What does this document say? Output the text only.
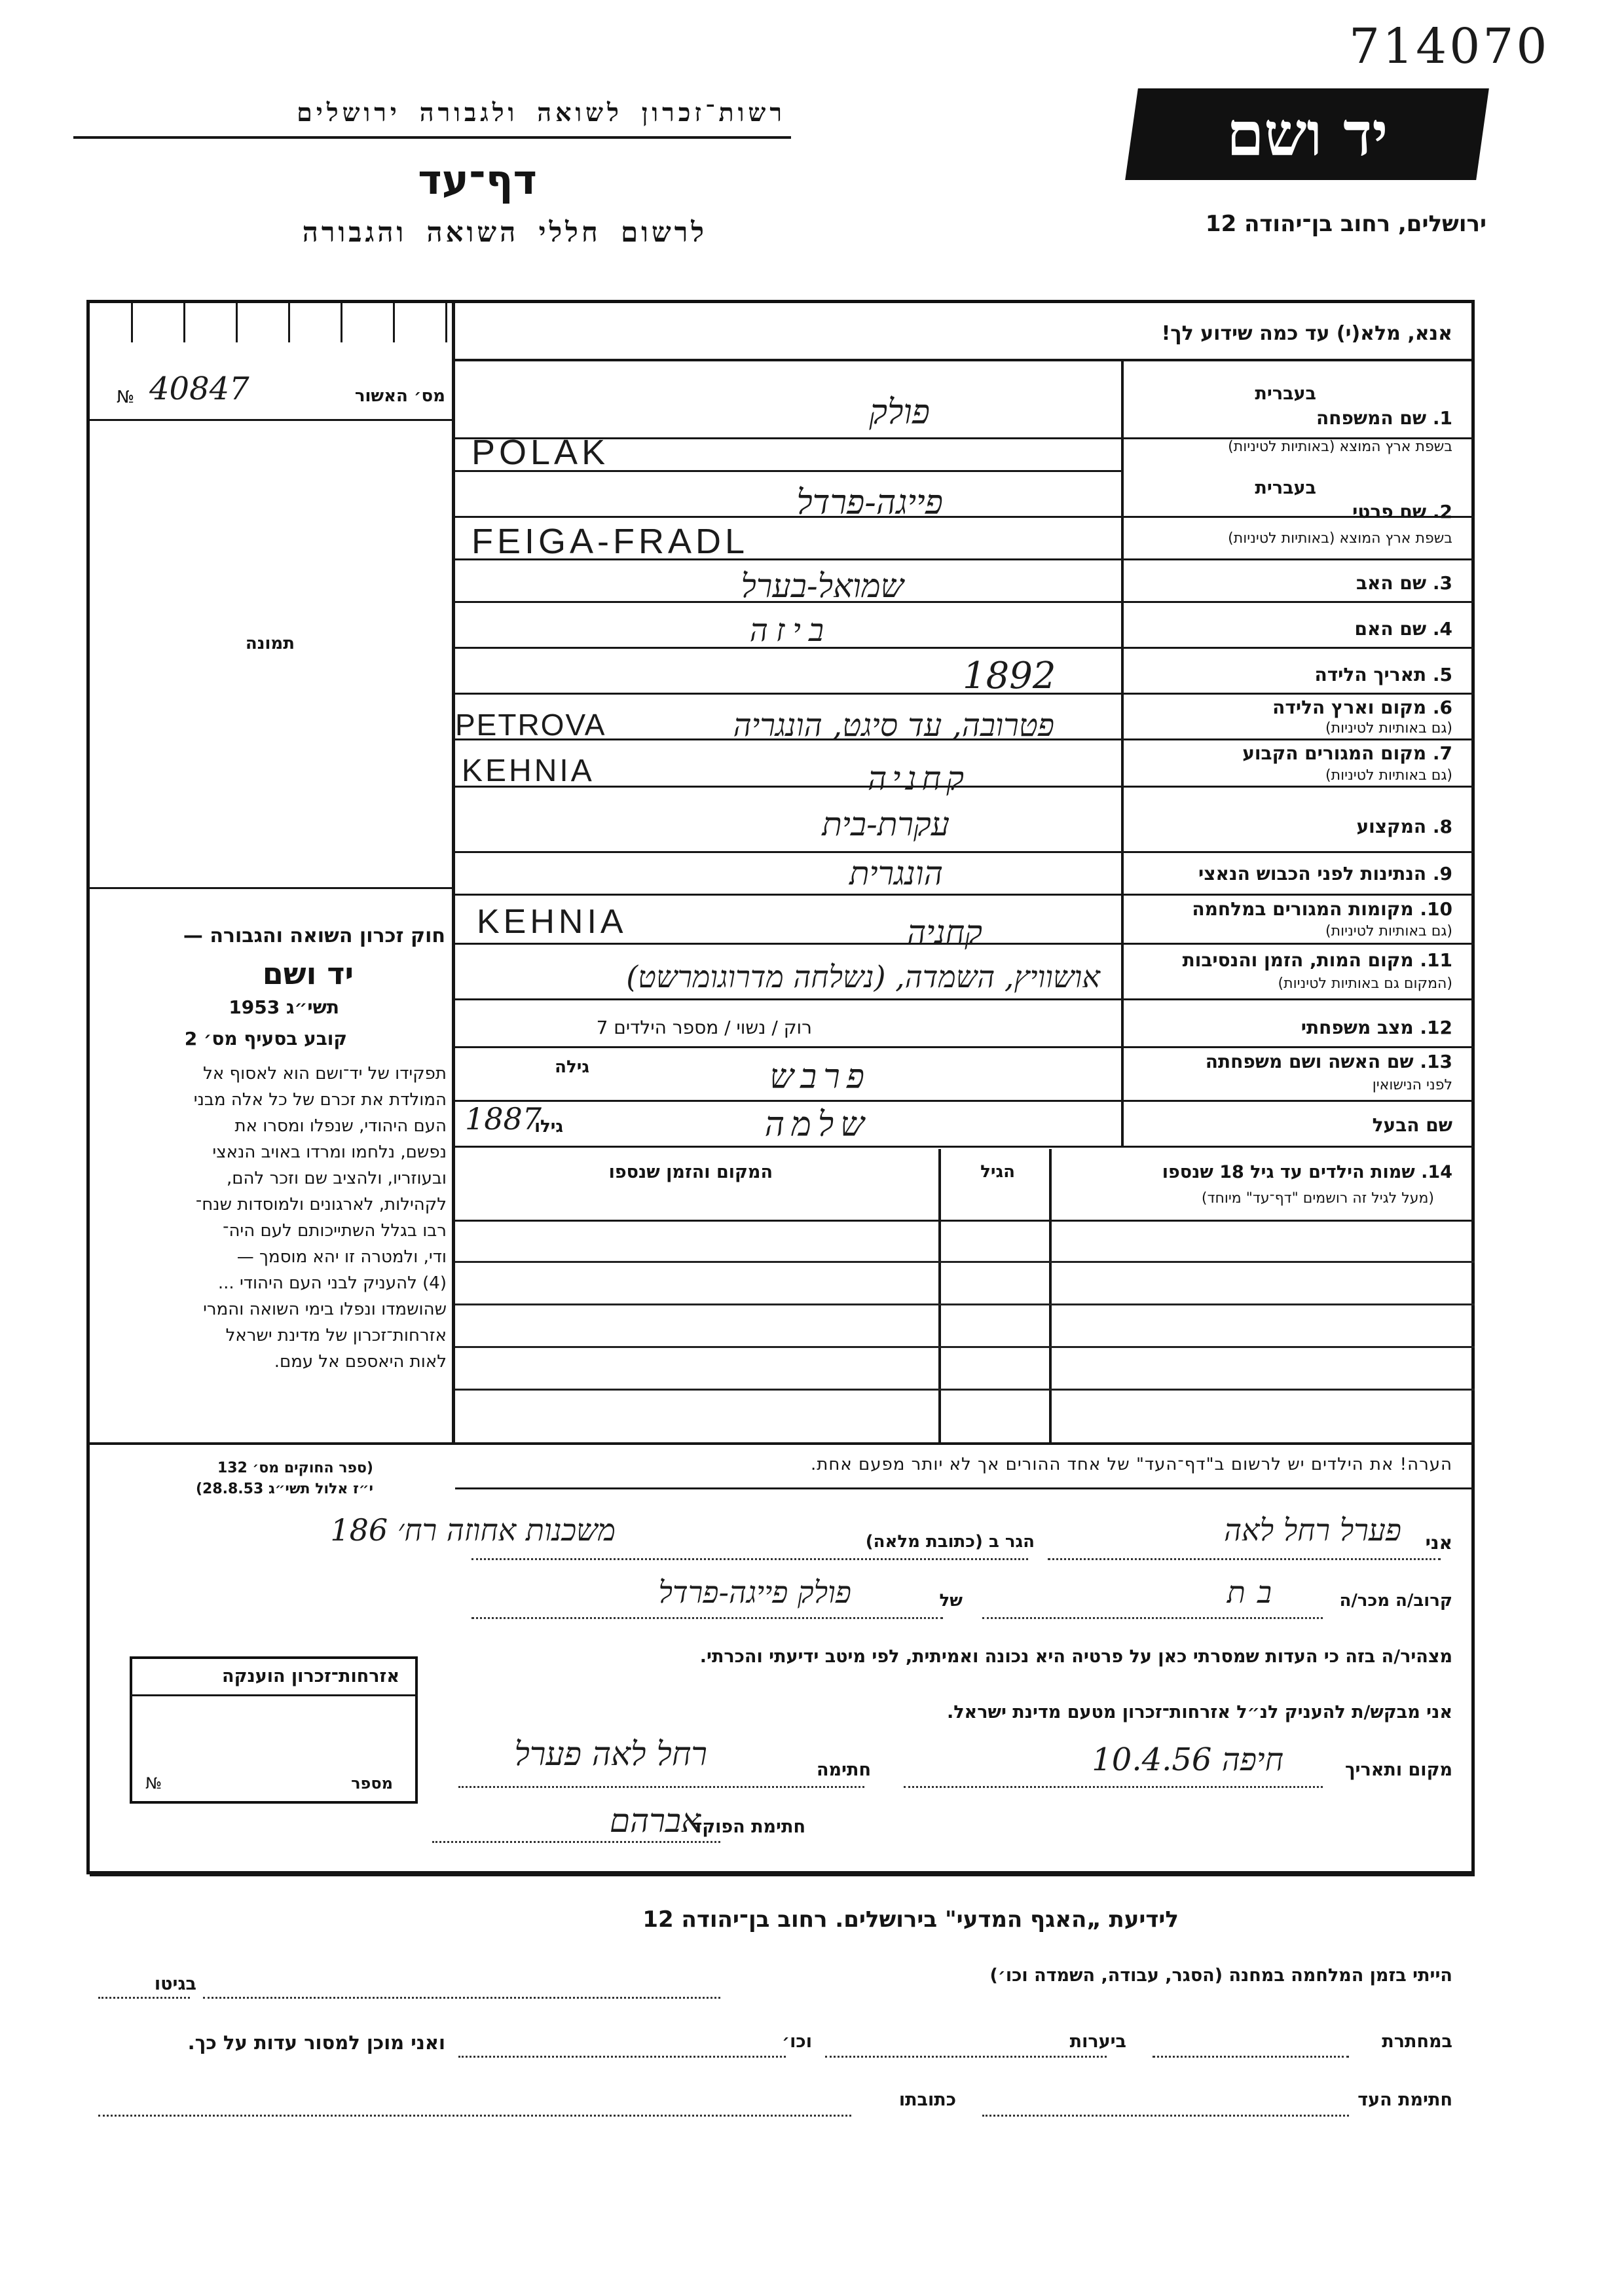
714070
רשות־זכרון לשואה ולגבורה ירושלים
דף־עד
לרשום חללי השואה והגבורה
יד ושם
ירושלים, רחוב בן־יהודה 12
אנא, מלא(י) עד כמה שידוע לך!
№ 40847	מס׳ האשור
תמונה
בעברית
1. שם המשפחה
בשפת ארץ המוצא (באותיות לטיניות)
פולק
POLAK
בעברית
2. שם פרטי
בשפת ארץ המוצא (באותיות לטיניות)
פייגה-פרדל
FEIGA-FRADL
3. שם האב
שמואל-בערל
4. שם האם
ביזה
5. תאריך הלידה
1892
6. מקום וארץ הלידה
(גם באותיות לטיניות)
PETROVA	פטרובה, עד סיגט, הונגריה
7. מקום המגורים הקבוע
(גם באותיות לטיניות)
KEHNIA	קחניה
8. המקצוע
עקרת-בית
9. הנתינות לפני הכבוש הנאצי
הונגרית
10. מקומות המגורים במלחמה
(גם באותיות לטיניות)
KEHNIA	קחניה
11. מקום המות, הזמן והנסיבות
(המקום גם באותיות לטיניות)
אושוויץ, השמדה, (נשלחה מדרוגומרשט)
12. מצב משפחתי
רוק / נשוי / מספר הילדים 7
13. שם האשה ושם משפחתה
לפני הנישואין
גילה	פרבש
שם הבעל
1887
גילו	שלמה
14. שמות הילדים עד גיל 18 שנספו
(מעל לגיל זה רושמים "דף־עד" מיוחד)
הגיל
המקום והזמן שנספו
חוק זכרון השואה והגבורה —
יד ושם
תשי״ג 1953
קובע בסעיף מס׳ 2
תפקידו של יד־ושם הוא לאסוף אל
המולדת את זכרם של כל אלה מבני
העם היהודי, שנפלו ומסרו את
נפשם, נלחמו ומרדו באויב הנאצי
ובעוזריו, ולהציב שם וזכר להם,
לקהילות, לארגונים ולמוסדות שנח־
רבו בגלל השתייכותם לעם היה־
ודי, ולמטרה זו יהא מוסמך —
(4) להעניק לבני העם היהודי ...
שהושמדו ונפלו בימי השואה והמרי
אזרחות־זכרון של מדינת ישראל
לאות היאספם אל עמם.
(ספר החוקים מס׳ 132
י״ז אלול תשי״ג 28.8.53)
הערה! את הילדים יש לרשום ב"דף־העד" של אחד ההורים אך לא יותר מפעם אחת.
אני
פערל רחל לאה
הגר ב (כתובת מלאה)
משכנות אחוזה רח׳ 186
קרוב/ה מכר/ה
בת
של
פולק פייגה-פרדל
מצהיר/ה בזה כי העדות שמסרתי כאן על פרטיה היא נכונה ואמיתית, לפי מיטב ידיעתי והכרתי.
אני מבקש/ת להעניק לנ״ל אזרחות־זכרון מטעם מדינת ישראל.
מקום ותאריך
חיפה 10.4.56
חתימה
רחל לאה פערל
חתימת הפוקד
אברהם
אזרחות־זכרון הוענקה
מספר
№
לידיעת „האגף המדעי" בירושלים. רחוב בן־יהודה 12
הייתי בזמן המלחמה במחנה (הסגר, עבודה, השמדה וכו׳)
בגיטו
במחתרת
ביערות
וכו׳
ואני מוכן למסור עדות על כך.
חתימת העד
כתובתו
